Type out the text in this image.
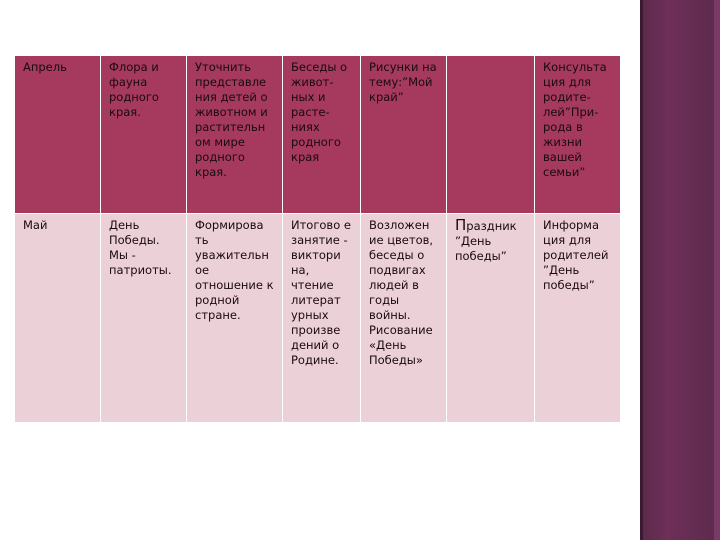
Апрель	Флора и фауна родного края.	Уточнить представле ния детей о животном и растительн ом мире родного края.	Беседы о живот- ных и расте- ниях родного края	Рисунки на тему:”Мой край”		Консульта ция для родите- лей”При- рода в жизни вашей семьи”
Май	День Победы. Мы - патриоты.	Формирова ть уважительн ое отношение к родной стране.	Итогово е занятие - виктори на, чтение литерат урных произве дений о Родине.	Возложен ие цветов, беседы о подвигах людей в годы войны. Рисование «День Победы»	Праздник ”День победы”	Информа ция для родителей ”День победы”
